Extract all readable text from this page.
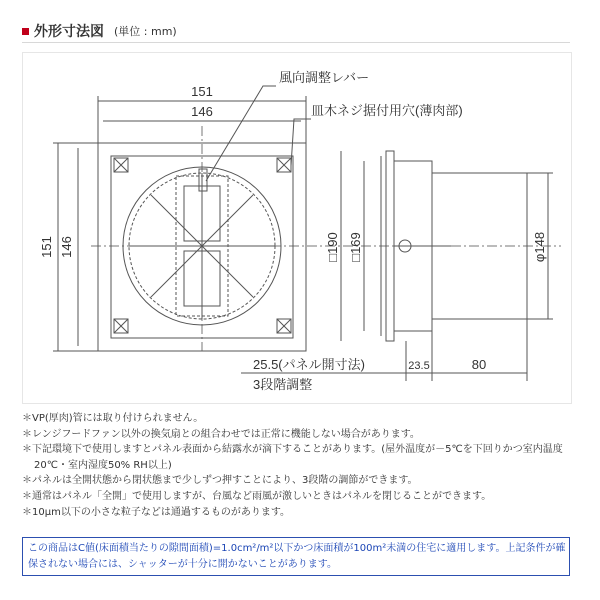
外形寸法図 (単位 : mm)
151
146
151 146
風向調整レバー
皿木ネジ据付用穴(薄肉部)
□190 □169	φ148
25.5(パネル開寸法)	23.5	80
3段階調整
＊VP(厚肉)管には取り付けられません。
＊レンジフードファン以外の換気扇との組合わせでは正常に機能しない場合があります。
＊下記環境下で使用しますとパネル表面から結露水が滴下することがあります。(屋外温度が－5℃を下回りかつ室内温度
20℃・室内湿度50% RH以上)
＊パネルは全開状態から閉状態まで少しずつ押すことにより、3段階の調節ができます。
＊通常はパネル「全開」で使用しますが、台風など雨風が激しいときはパネルを閉じることができます。
＊10μm以下の小さな粒子などは通過するものがあります。
この商品はC値(床面積当たりの隙間面積)=1.0cm²/m²以下かつ床面積が100m²未満の住宅に適用します。上記条件が確
保されない場合には、シャッターが十分に開かないことがあります。
